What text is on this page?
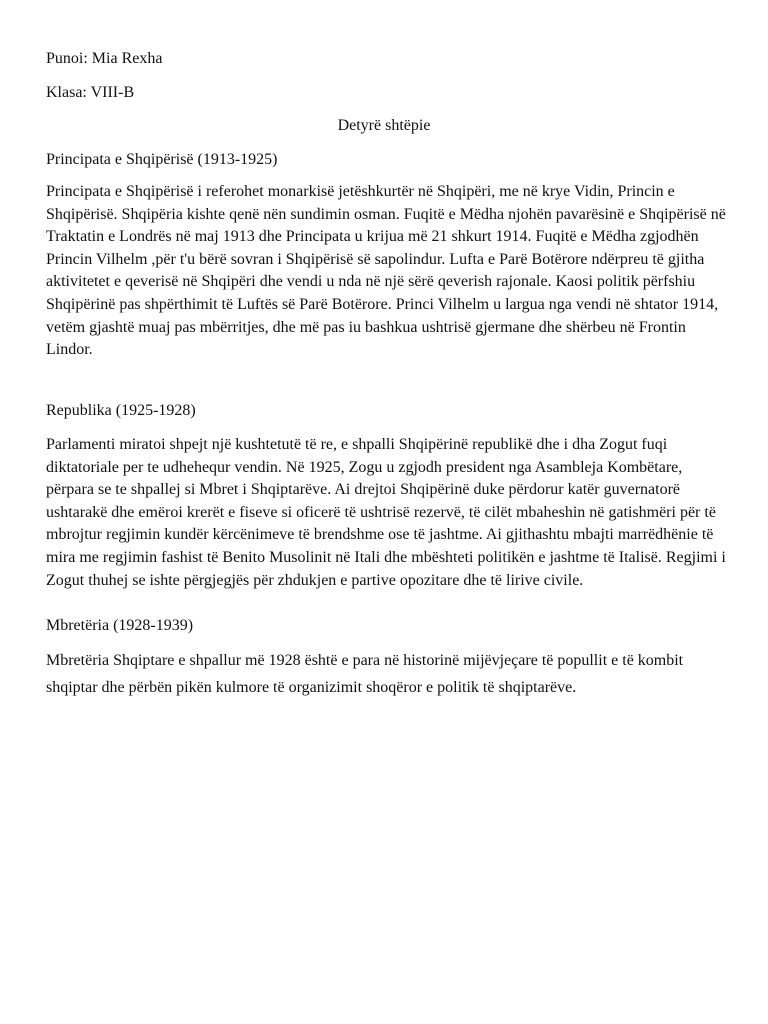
Punoi: Mia Rexha
Klasa: VIII-B
Detyrë shtëpie
Principata e Shqipërisë (1913-1925)
Principata e Shqipërisë i referohet monarkisë jetëshkurtër në Shqipëri, me në krye Vidin, Princin e Shqipërisë. Shqipëria kishte qenë nën sundimin osman. Fuqitë e Mëdha njohën pavarësinë e Shqipërisë në Traktatin e Londrës në maj 1913 dhe Principata u krijua më 21 shkurt 1914. Fuqitë e Mëdha zgjodhën Princin Vilhelm ,për t'u bërë sovran i Shqipërisë së sapolindur. Lufta e Parë Botërore ndërpreu të gjitha aktivitetet e qeverisë në Shqipëri dhe vendi u nda në një sërë qeverish rajonale. Kaosi politik përfshiu Shqipërinë pas shpërthimit të Luftës së Parë Botërore. Princi Vilhelm u largua nga vendi në shtator 1914, vetëm gjashtë muaj pas mbërritjes, dhe më pas iu bashkua ushtrisë gjermane dhe shërbeu në Frontin Lindor.
Republika (1925-1928)
Parlamenti miratoi shpejt një kushtetutë të re, e shpalli Shqipërinë republikë dhe i dha Zogut fuqi diktatoriale per te udhehequr vendin. Në 1925, Zogu u zgjodh president nga Asambleja Kombëtare, përpara se te shpallej si Mbret i Shqiptarëve. Ai drejtoi Shqipërinë duke përdorur katër guvernatorë ushtarakë dhe emëroi krerët e fiseve si oficerë të ushtrisë rezervë, të cilët mbaheshin në gatishmëri për të mbrojtur regjimin kundër kërcënimeve të brendshme ose të jashtme. Ai gjithashtu mbajti marrëdhënie të mira me regjimin fashist të Benito Musolinit në Itali dhe mbështeti politikën e jashtme të Italisë. Regjimi i Zogut thuhej se ishte përgjegjës për zhdukjen e partive opozitare dhe të lirive civile.
Mbretëria (1928-1939)
Mbretëria Shqiptare e shpallur më 1928 është e para në historinë mijëvjeçare të popullit e të kombit shqiptar dhe përbën pikën kulmore të organizimit shoqëror e politik të shqiptarëve.
